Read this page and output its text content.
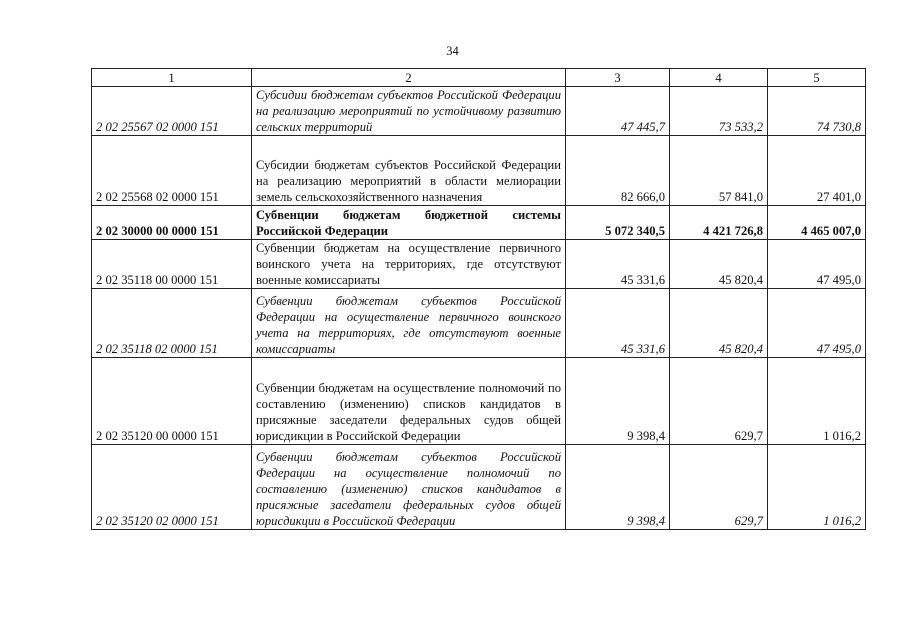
34
1	2	3	4	5
2 02 25567 02 0000 151	Субсидии бюджетам субъектов Российской Федерации на реализацию мероприятий по устойчивому развитию сельских территорий	47 445,7	73 533,2	74 730,8
2 02 25568 02 0000 151	Субсидии бюджетам субъектов Российской Федерации на реализацию мероприятий в области мелиорации земель сельскохозяйственного назначения	82 666,0	57 841,0	27 401,0
2 02 30000 00 0000 151	Субвенции бюджетам бюджетной системы Российской Федерации	5 072 340,5	4 421 726,8	4 465 007,0
2 02 35118 00 0000 151	Субвенции бюджетам на осуществление первичного воинского учета на территориях, где отсутствуют военные комиссариаты	45 331,6	45 820,4	47 495,0
2 02 35118 02 0000 151	Субвенции бюджетам субъектов Российской Федерации на осуществление первичного воинского учета на территориях, где отсутствуют военные комиссариаты	45 331,6	45 820,4	47 495,0
2 02 35120 00 0000 151	Субвенции бюджетам на осуществление полномочий по составлению (изменению) списков кандидатов в присяжные заседатели федеральных судов общей юрисдикции в Российской Федерации	9 398,4	629,7	1 016,2
2 02 35120 02 0000 151	Субвенции бюджетам субъектов Российской Федерации на осуществление полномочий по составлению (изменению) списков кандидатов в присяжные заседатели федеральных судов общей юрисдикции в Российской Федерации	9 398,4	629,7	1 016,2
